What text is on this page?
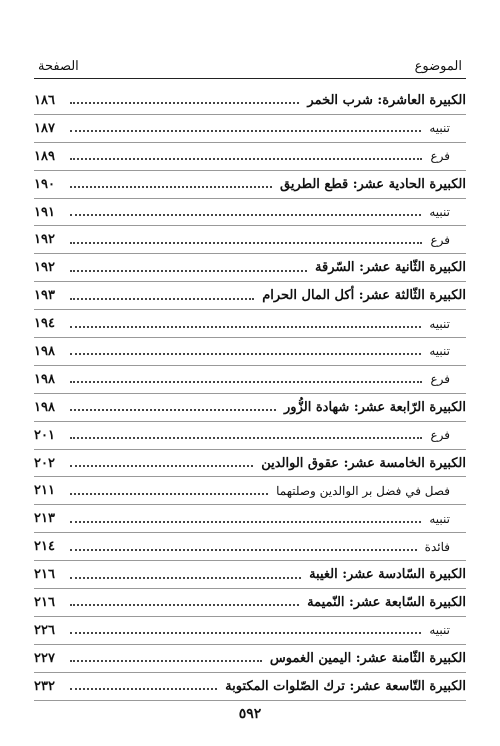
الموضوع
الصفحة
الكبيرة العاشرة: شرب الخمر
١٨٦
تنبيه
١٨٧
فرع
١٨٩
الكبيرة الحادية عشر: قطع الطريق
١٩٠
تنبيه
١٩١
فرع
١٩٢
الكبيرة الثّانية عشر: السّرقة
١٩٢
الكبيرة الثّالثة عشر: أكل المال الحرام
١٩٣
تنبيه
١٩٤
تنبيه
١٩٨
فرع
١٩٨
الكبيرة الرّابعة عشر: شهادة الزُّور
١٩٨
فرع
٢٠١
الكبيرة الخامسة عشر: عقوق الوالدين
٢٠٢
فصل في فضل بر الوالدين وصلتهما
٢١١
تنبيه
٢١٣
فائدة
٢١٤
الكبيرة السّادسة عشر: الغيبة
٢١٦
الكبيرة السّابعة عشر: النّميمة
٢١٦
تنبيه
٢٢٦
الكبيرة الثّامنة عشر: اليمين الغموس
٢٢٧
الكبيرة التّاسعة عشر: ترك الصّلوات المكتوبة
٢٣٢
٥٩٢
